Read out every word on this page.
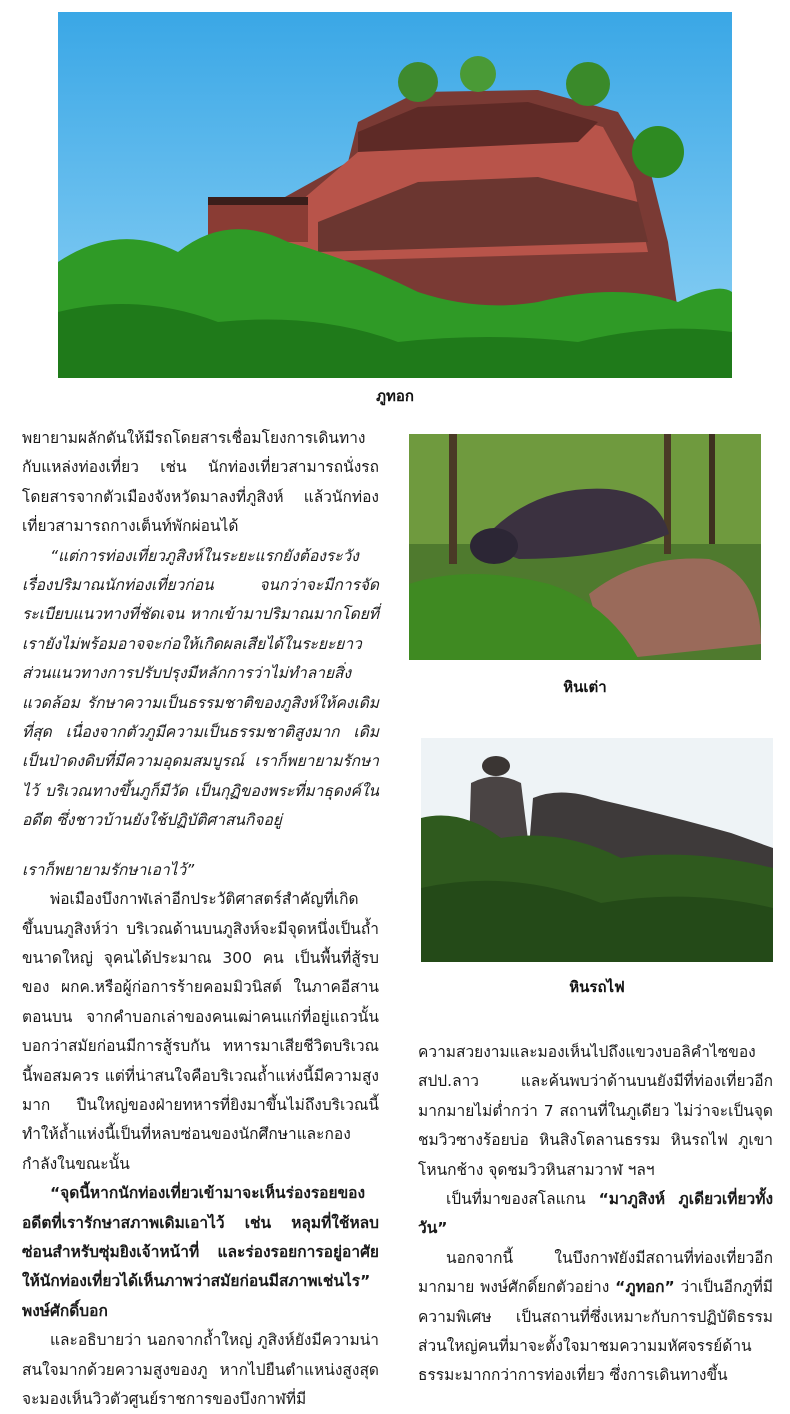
ภูทอก
หินเต่า
หินรถไฟ

พยายามผลักดันให้มีรถโดยสารเชื่อมโยงการเดินทางกับแหล่งท่องเที่ยว เช่น นักท่องเที่ยวสามารถนั่งรถโดยสารจากตัวเมืองจังหวัดมาลงที่ภูสิงห์ แล้วนักท่องเที่ยวสามารถกางเต็นท์พักผ่อนได้

“แต่การท่องเที่ยวภูสิงห์ในระยะแรกยังต้องระวังเรื่องปริมาณนักท่องเที่ยวก่อน จนกว่าจะมีการจัดระเบียบแนวทางที่ชัดเจน หากเข้ามาปริมาณมากโดยที่เรายังไม่พร้อมอาจจะก่อให้เกิดผลเสียได้ในระยะยาว ส่วนแนวทางการปรับปรุงมีหลักการว่าไม่ทำลายสิ่งแวดล้อม รักษาความเป็นธรรมชาติของภูสิงห์ให้คงเดิมที่สุด เนื่องจากตัวภูมีความเป็นธรรมชาติสูงมาก เดิมเป็นป่าดงดิบที่มีความอุดมสมบูรณ์ เราก็พยายามรักษาไว้ บริเวณทางขึ้นภูก็มีวัด เป็นกุฏิของพระที่มาธุดงค์ในอดีต ซึ่งชาวบ้านยังใช้ปฏิบัติศาสนกิจอยู่

เราก็พยายามรักษาเอาไว้”

พ่อเมืองบึงกาฬเล่าอีกประวัติศาสตร์สำคัญที่เกิดขึ้นบนภูสิงห์ว่า บริเวณด้านบนภูสิงห์จะมีจุดหนึ่งเป็นถ้ำขนาดใหญ่ จุคนได้ประมาณ 300 คน เป็นพื้นที่สู้รบของ ผกค.หรือผู้ก่อการร้ายคอมมิวนิสต์ ในภาคอีสานตอนบน จากคำบอกเล่าของคนเฒ่าคนแก่ที่อยู่แถวนั้น บอกว่าสมัยก่อนมีการสู้รบกัน ทหารมาเสียชีวิตบริเวณนี้พอสมควร แต่ที่น่าสนใจคือบริเวณถ้ำแห่งนี้มีความสูงมาก ปืนใหญ่ของฝ่ายทหารที่ยิงมาขึ้นไม่ถึงบริเวณนี้ ทำให้ถ้ำแห่งนี้เป็นที่หลบซ่อนของนักศึกษาและกองกำลังในขณะนั้น

“จุดนี้หากนักท่องเที่ยวเข้ามาจะเห็นร่องรอยของอดีตที่เรารักษาสภาพเดิมเอาไว้ เช่น หลุมที่ใช้หลบซ่อนสำหรับซุ่มยิงเจ้าหน้าที่ และร่องรอยการอยู่อาศัย ให้นักท่องเที่ยวได้เห็นภาพว่าสมัยก่อนมีสภาพเช่นไร” พงษ์ศักดิ์บอก

และอธิบายว่า นอกจากถ้ำใหญ่ ภูสิงห์ยังมีความน่าสนใจมากด้วยความสูงของภู หากไปยืนตำแหน่งสูงสุดจะมองเห็นวิวตัวศูนย์ราชการของบึงกาฬที่มี

ความสวยงามและมองเห็นไปถึงแขวงบอลิคำไซของ สปป.ลาว และค้นพบว่าด้านบนยังมีที่ท่องเที่ยวอีกมากมายไม่ต่ำกว่า 7 สถานที่ในภูเดียว ไม่ว่าจะเป็นจุดชมวิวซางร้อยบ่อ หินสิงโตลานธรรม หินรถไฟ ภูเขาโหนกช้าง จุดชมวิวหินสามวาฬ ฯลฯ

เป็นที่มาของสโลแกน “มาภูสิงห์ ภูเดียวเที่ยวทั้งวัน”

นอกจากนี้ ในบึงกาฬยังมีสถานที่ท่องเที่ยวอีกมากมาย พงษ์ศักดิ์ยกตัวอย่าง “ภูทอก” ว่าเป็นอีกภูที่มีความพิเศษ เป็นสถานที่ซึ่งเหมาะกับการปฏิบัติธรรม ส่วนใหญ่คนที่มาจะตั้งใจมาชมความมหัศจรรย์ด้านธรรมะมากกว่าการท่องเที่ยว ซึ่งการเดินทางขึ้น
